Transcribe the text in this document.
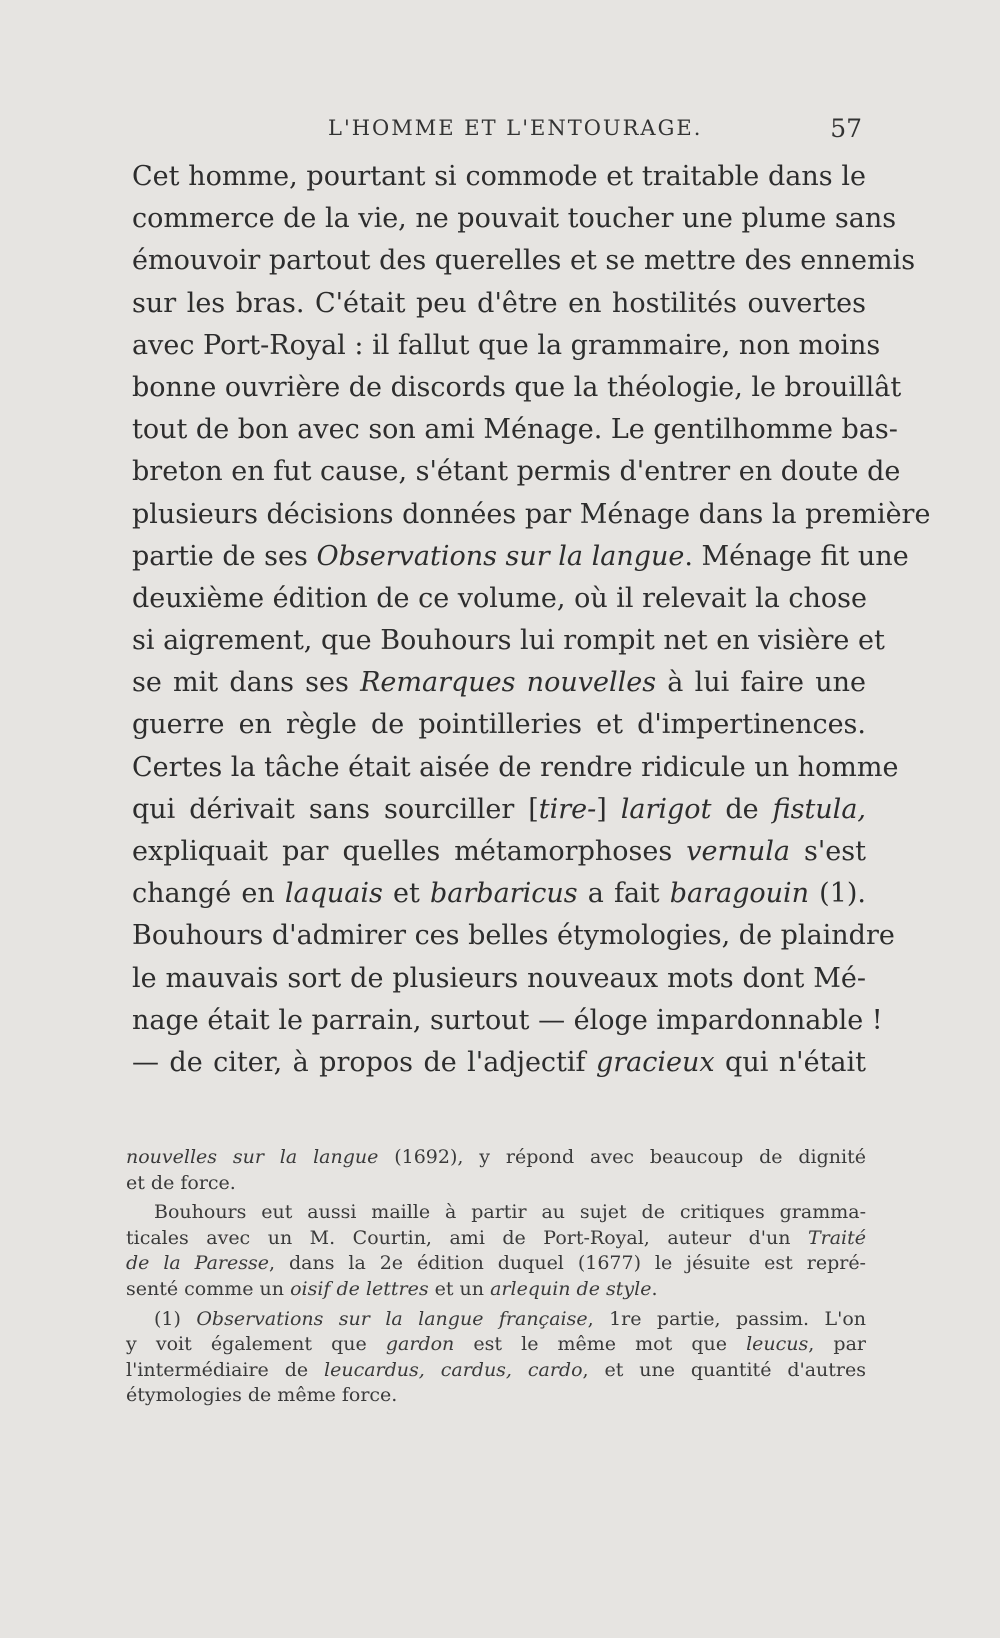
L'HOMME ET L'ENTOURAGE.	57
Cet homme, pourtant si commode et traitable dans le
commerce de la vie, ne pouvait toucher une plume sans
émouvoir partout des querelles et se mettre des ennemis
sur les bras. C'était peu d'être en hostilités ouvertes
avec Port-Royal : il fallut que la grammaire, non moins
bonne ouvrière de discords que la théologie, le brouillât
tout de bon avec son ami Ménage. Le gentilhomme bas-
breton en fut cause, s'étant permis d'entrer en doute de
plusieurs décisions données par Ménage dans la première
partie de ses Observations sur la langue. Ménage fit une
deuxième édition de ce volume, où il relevait la chose
si aigrement, que Bouhours lui rompit net en visière et
se mit dans ses Remarques nouvelles à lui faire une
guerre en règle de pointilleries et d'impertinences.
Certes la tâche était aisée de rendre ridicule un homme
qui dérivait sans sourciller [tire-] larigot de fistula,
expliquait par quelles métamorphoses vernula s'est
changé en laquais et barbaricus a fait baragouin (1).
Bouhours d'admirer ces belles étymologies, de plaindre
le mauvais sort de plusieurs nouveaux mots dont Mé-
nage était le parrain, surtout — éloge impardonnable !
— de citer, à propos de l'adjectif gracieux qui n'était
nouvelles sur la langue (1692), y répond avec beaucoup de dignité
et de force.
Bouhours eut aussi maille à partir au sujet de critiques gramma-
ticales avec un M. Courtin, ami de Port-Royal, auteur d'un Traité
de la Paresse, dans la 2e édition duquel (1677) le jésuite est repré-
senté comme un oisif de lettres et un arlequin de style.
(1) Observations sur la langue française, 1re partie, passim. L'on
y voit également que gardon est le même mot que leucus, par
l'intermédiaire de leucardus, cardus, cardo, et une quantité d'autres
étymologies de même force.
